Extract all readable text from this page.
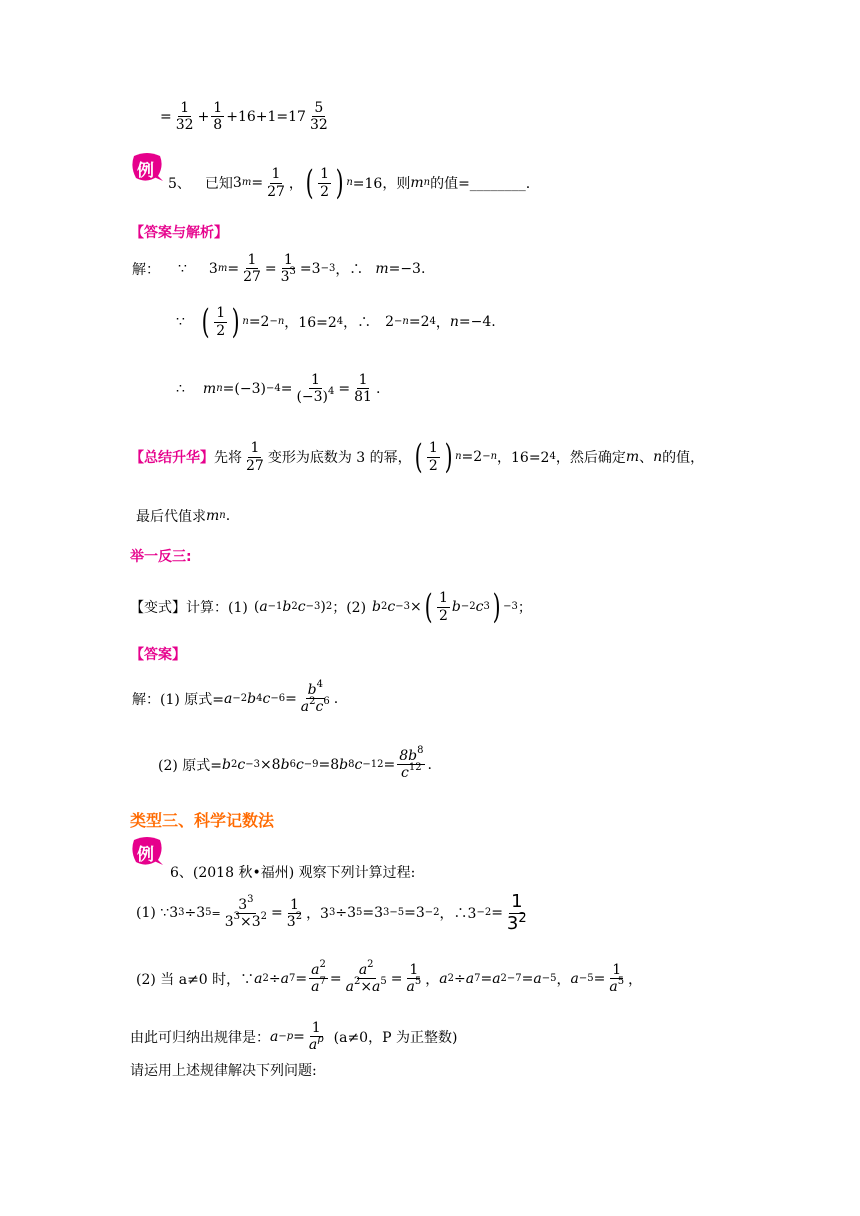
= $\frac{1}{32} + \frac{1}{8} +16+1=17 \frac{5}{32}$
例
5、 已知 3 $m = \frac{1}{27}$ ， ( $\frac{1}{2}$ ) n =16，则 m n 的值=________.
【答案与解析】
解： ∵ 3 $m = \frac{1}{27} = \frac{1}{3^3} =3 -3$ ，∴ m =−3.
∵ ( $\frac{1}{2}$ ) n =2 −n ，16=2 4 ，∴ 2 −n =2 4 ， n =−4.
∴ m $n =(-3) -4 = \frac{1}{(-3)^4} = \frac{1}{81}$ .
【总结升华】 先将 $\frac{1}{27}$ 变形为底数为 3 的幂， ( $\frac{1}{2}$ ) n =2 −n ，16=2 4 ，然后确定 m 、 n 的值，
最后代值求 m n .
举一反三:
【变式】 计算：(1) ( a −1 b 2 c −3 ) 2 ；(2) b 2 c −3 × ( $\frac{1}{2}$ b −2 c 3 ) −3 ；
【答案】
解：(1) 原式= a −2 b 4 $c -6 = \frac{b^4}{a^2c^6}$ .
(2) 原式= b 2 c −3 ×8 b 6 c −9 =8 b 8 $c -12 = \frac{8b^8}{c^{12}}$ .
类型三、科学记数法
例
6、(2018 秋•福州) 观察下列计算过程:
(1) ∵3 3 ÷3 $5 = \frac{3^3}{3^3\times 3^2} = \frac{1}{3^2}$ ，3 3 ÷3 5 =3 3−5 =3 −2 ，∴3 $-2 = \frac{1}{3^2}$
(2) 当 a≠0 时，∵ a 2 ÷ a $7 = \frac{a^2}{a^7} = \frac{a^2}{a^2\times a^5} = \frac{1}{a^5}$ ， a 2 ÷ a 7 = a 2−7 = a −5 ， $a -5 = \frac{1}{a^5}$ ，
由此可归纳出规律是： $a -p = \frac{1}{a^p} (a\ne 0$，P 为正整数)
请运用上述规律解决下列问题:
